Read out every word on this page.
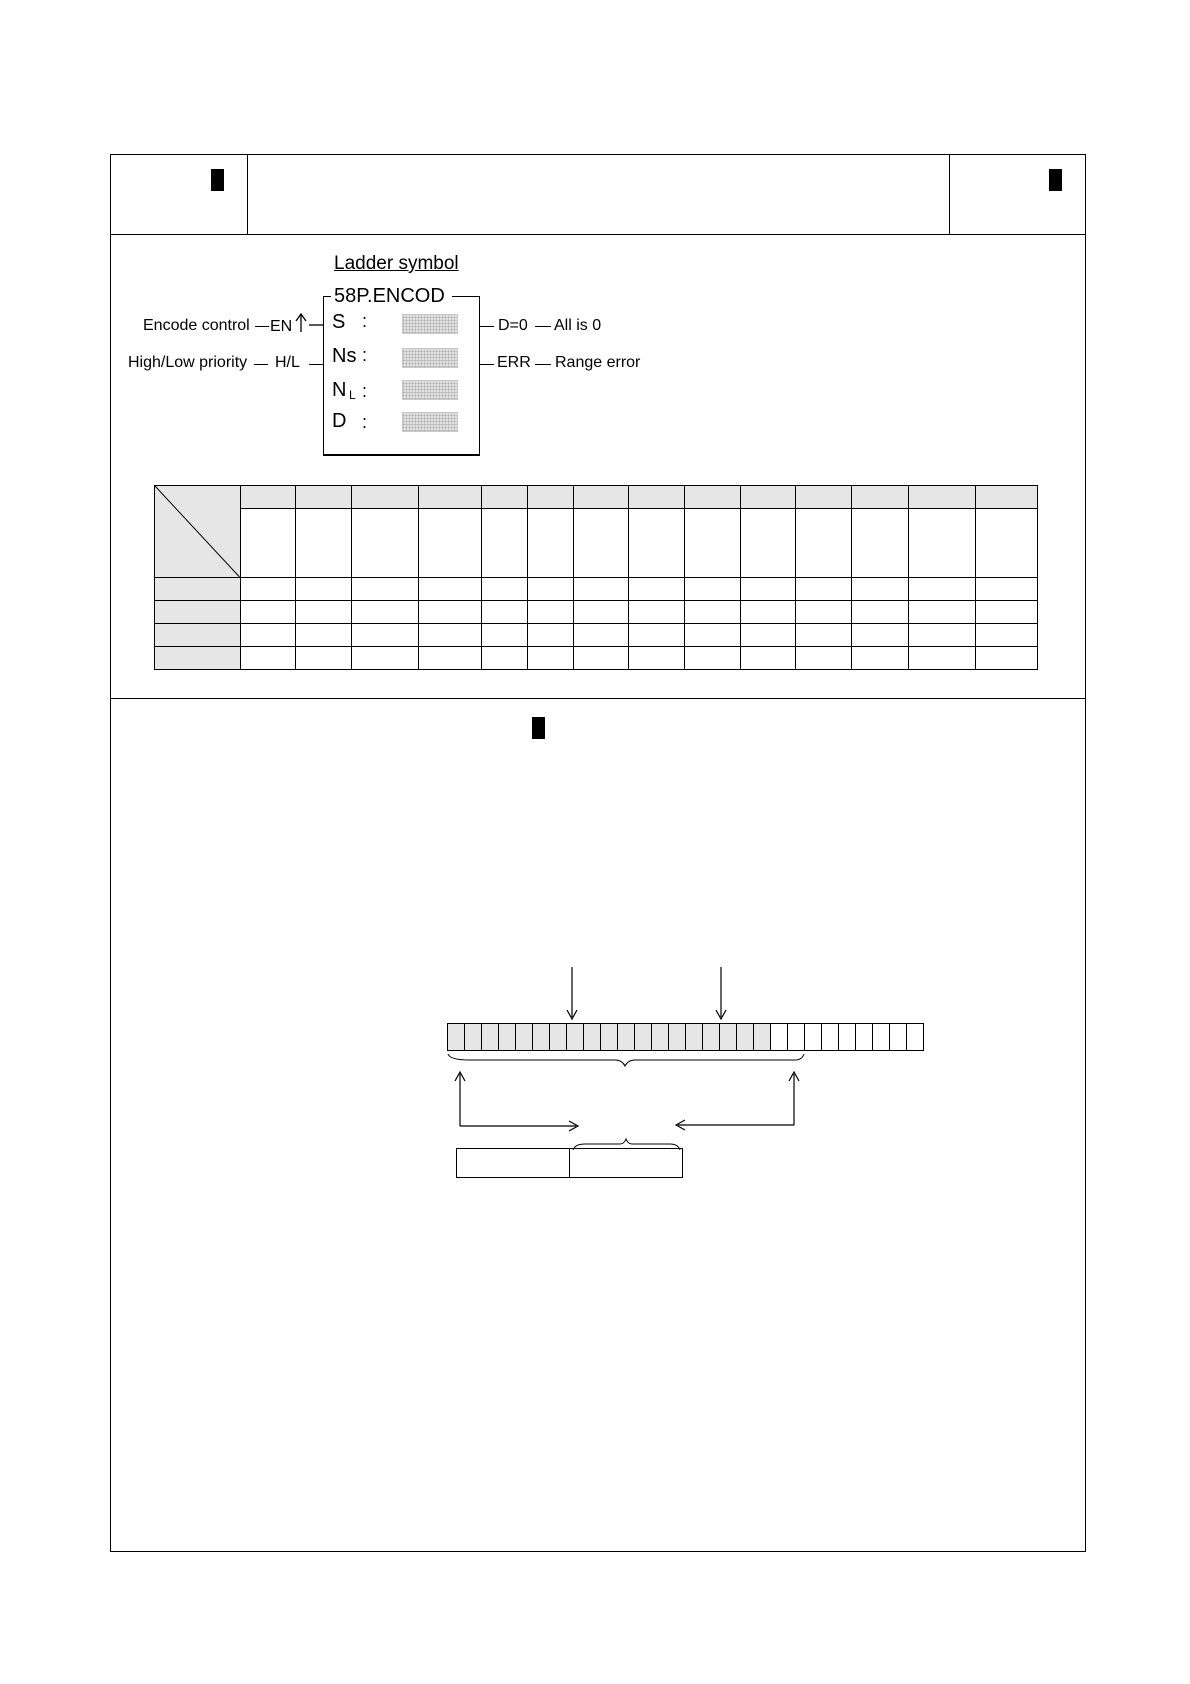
Ladder symbol
58P.ENCOD
S :
Ns :
N L :
D :
Encode control EN
High/Low priority H/L
D=0 All is 0
ERR Range error
